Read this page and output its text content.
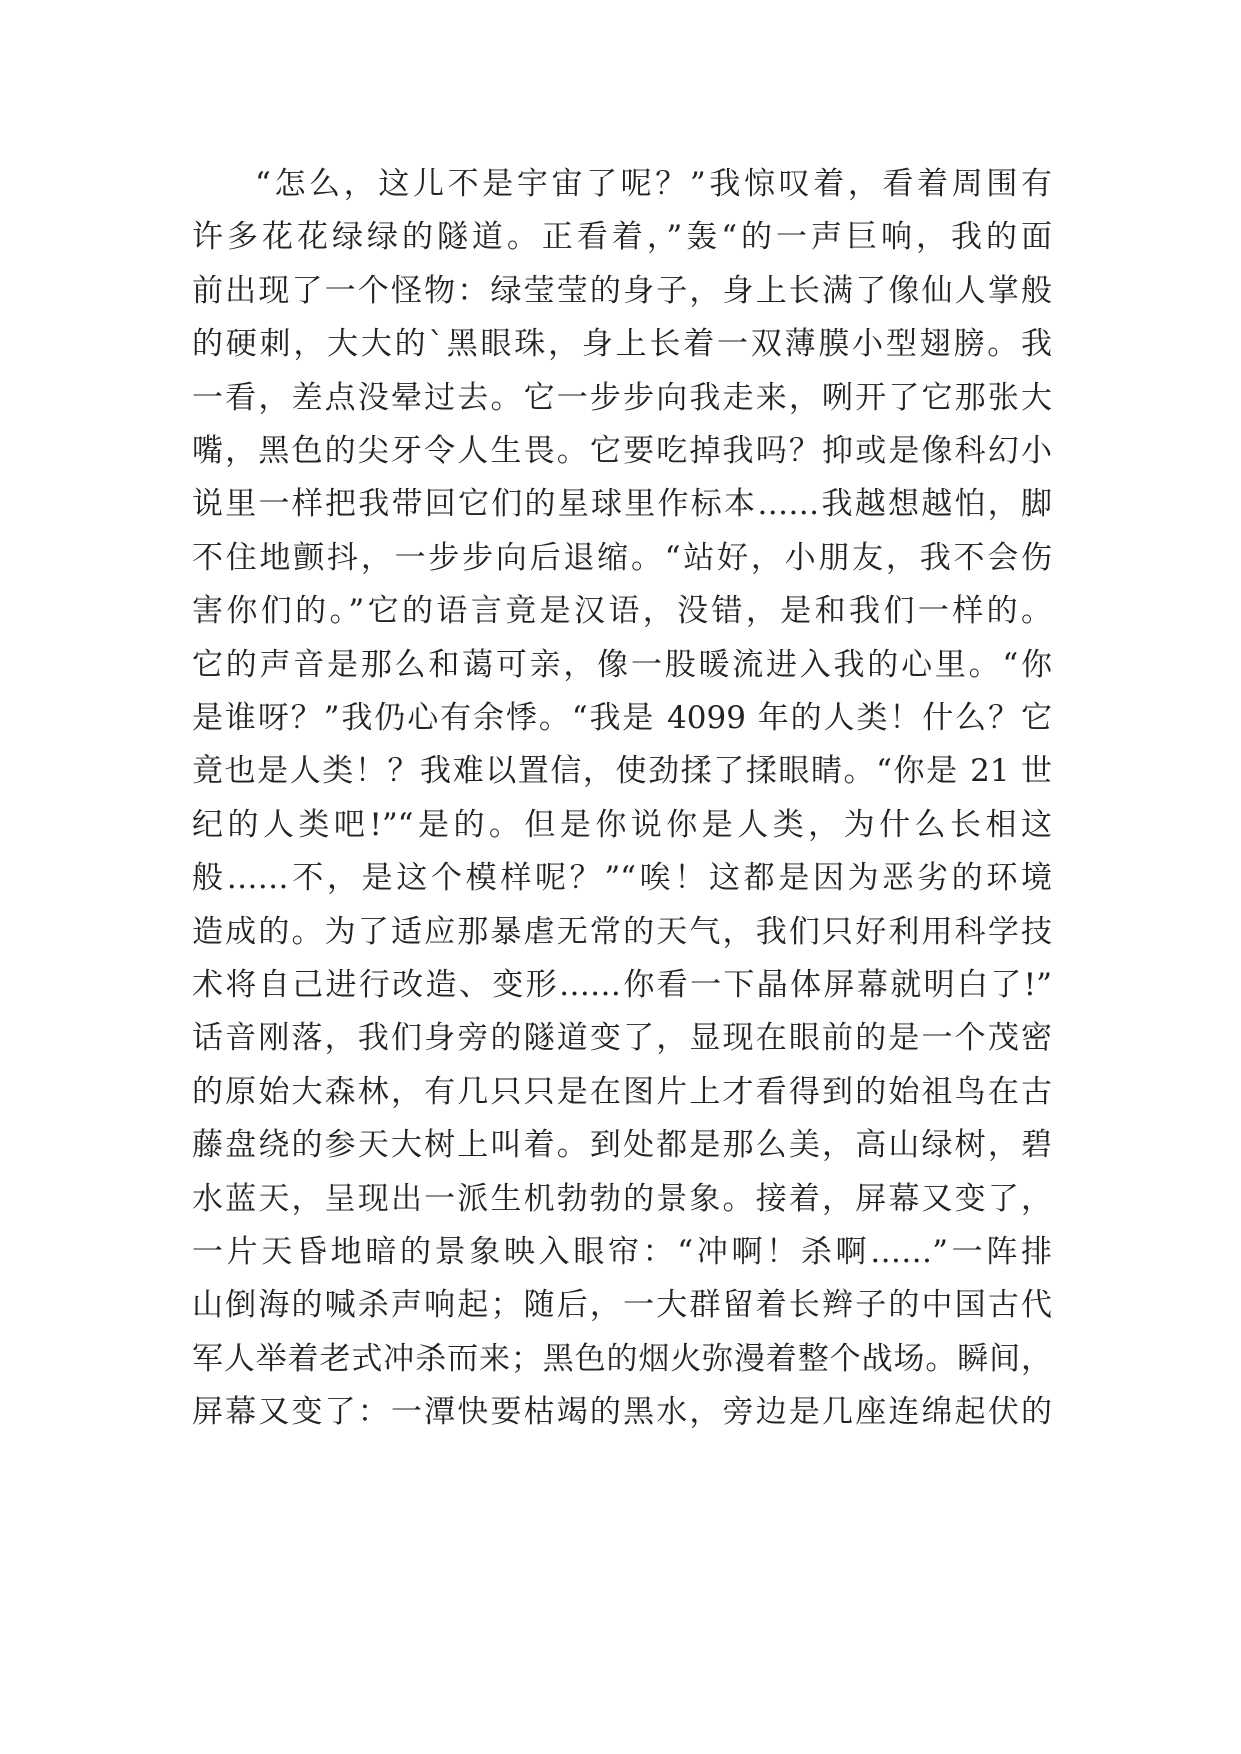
“怎么，这儿不是宇宙了呢？”我惊叹着，看着周围有
许多花花绿绿的隧道。正看着，”轰“的一声巨响，我的面
前出现了一个怪物：绿莹莹的身子，身上长满了像仙人掌般
的硬刺，大大的`黑眼珠，身上长着一双薄膜小型翅膀。我
一看，差点没晕过去。它一步步向我走来，咧开了它那张大
嘴，黑色的尖牙令人生畏。它要吃掉我吗？抑或是像科幻小
说里一样把我带回它们的星球里作标本……我越想越怕，脚
不住地颤抖，一步步向后退缩。“站好，小朋友，我不会伤
害你们的。”它的语言竟是汉语，没错，是和我们一样的。
它的声音是那么和蔼可亲，像一股暖流进入我的心里。“你
是谁呀？”我仍心有余悸。“我是 4099 年的人类！什么？它
竟也是人类！？我难以置信，使劲揉了揉眼睛。“你是 21 世
纪的人类吧!”“是的。但是你说你是人类，为什么长相这
般……不，是这个模样呢？”“唉！这都是因为恶劣的环境
造成的。为了适应那暴虐无常的天气，我们只好利用科学技
术将自己进行改造、变形……你看一下晶体屏幕就明白了!”
话音刚落，我们身旁的隧道变了，显现在眼前的是一个茂密
的原始大森林，有几只只是在图片上才看得到的始祖鸟在古
藤盘绕的参天大树上叫着。到处都是那么美，高山绿树，碧
水蓝天，呈现出一派生机勃勃的景象。接着，屏幕又变了，
一片天昏地暗的景象映入眼帘：“冲啊！杀啊……”一阵排
山倒海的喊杀声响起；随后，一大群留着长辫子的中国古代
军人举着老式冲杀而来；黑色的烟火弥漫着整个战场。瞬间，
屏幕又变了：一潭快要枯竭的黑水，旁边是几座连绵起伏的
